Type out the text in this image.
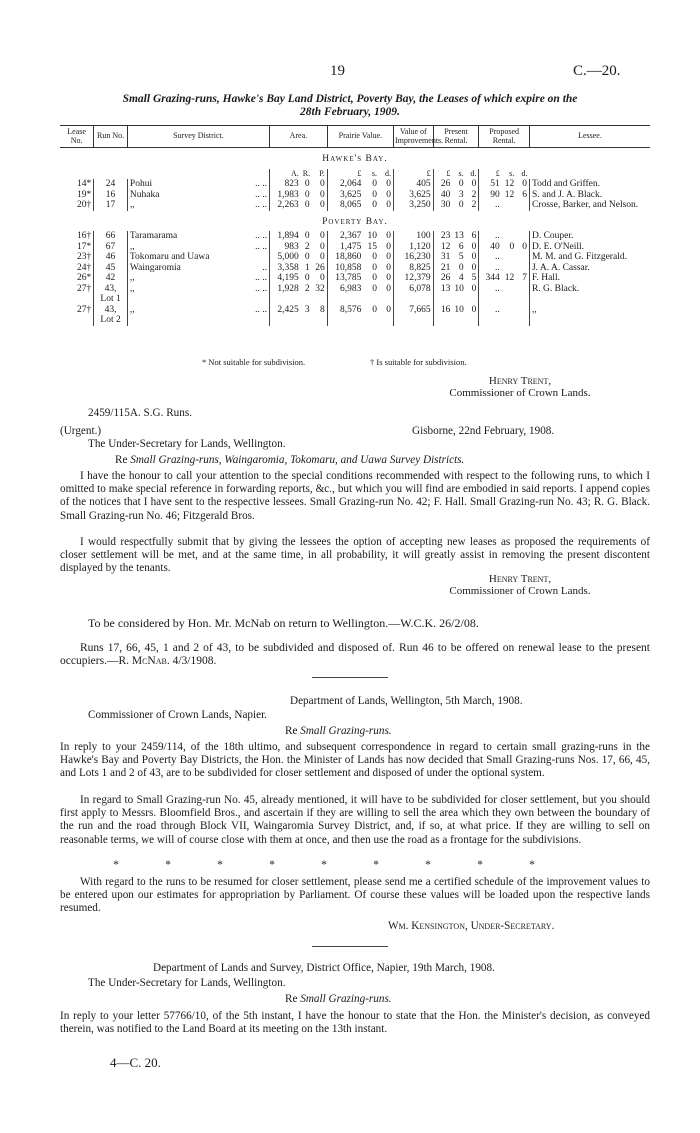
19	C.—20.
Small Grazing-runs, Hawke's Bay Land District, Poverty Bay, the Leases of which expire on the
28th February, 1909.
Lease No.	Run No.	Survey District.	Area.			Prairie Value.			Value of Improvements.	Present Rental.			Proposed Rental.			Lessee.
Hawke's Bay.																
			A.	R.	P.	£	s.	d.	£	£	s.	d.	£	s.	d.	
14*	24	Pohui .. ..	823	0	0	2,064	0	0	405	26	0	0	51	12	0	Todd and Griffen.
19*	16	Nuhaka .. ..	1,983	0	0	3,625	0	0	3,625	40	3	2	90	12	6	S. and J. A. Black.
20†	17	,, .. ..	2,263	0	0	8,065	0	0	3,250	30	0	2	..			Crosse, Barker, and Nelson.
Poverty Bay.																
16†	66	Taramarama .. ..	1,894	0	0	2,367	10	0	100	23	13	6	..			D. Couper.
17*	67	,, .. ..	983	2	0	1,475	15	0	1,120	12	6	0	40	0	0	D. E. O'Neill.
23†	46	Tokomaru and Uawa	5,000	0	0	18,860	0	0	16,230	31	5	0	..			M. M. and G. Fitzgerald.
24†	45	Waingaromia ..	3,358	1	26	10,858	0	0	8,825	21	0	0	..			J. A. A. Cassar.
26*	42	,, .. ..	4,195	0	0	13,785	0	0	12,379	26	4	5	344	12	7	F. Hall.
27†	43,	,, .. ..	1,928	2	32	6,983	0	0	6,078	13	10	0	..			R. G. Black.
	Lot 1	

27†	43,	,, .. ..	2,425	3	8	8,576	0	0	7,665	16	10	0	..			,,
	Lot 2	

* Not suitable for subdivision.	† Is suitable for subdivision.
Henry Trent,
Commissioner of Crown Lands.
2459/115A. S.G. Runs.
(Urgent.)	Gisborne, 22nd February, 1908.
The Under-Secretary for Lands, Wellington.
Re Small Grazing-runs, Waingaromia, Tokomaru, and Uawa Survey Districts.
I have the honour to call your attention to the special conditions recommended with respect to the following runs, to which I omitted to make special reference in forwarding reports, &c., but which you will find are embodied in said reports. I append copies of the notices that I have sent to the respective lessees. Small Grazing-run No. 42; F. Hall. Small Grazing-run No. 43; R. G. Black. Small Grazing-run No. 46; Fitzgerald Bros.
I would respectfully submit that by giving the lessees the option of accepting new leases as proposed the requirements of closer settlement will be met, and at the same time, in all probability, it will greatly assist in removing the present discontent displayed by the tenants.
Henry Trent,
Commissioner of Crown Lands.
To be considered by Hon. Mr. McNab on return to Wellington.—W.C.K. 26/2/08.
Runs 17, 66, 45, 1 and 2 of 43, to be subdivided and disposed of. Run 46 to be offered on renewal lease to the present occupiers.—R. McNab. 4/3/1908.
Department of Lands, Wellington, 5th March, 1908.
Commissioner of Crown Lands, Napier.
Re Small Grazing-runs.
In reply to your 2459/114, of the 18th ultimo, and subsequent correspondence in regard to certain small grazing-runs in the Hawke's Bay and Poverty Bay Districts, the Hon. the Minister of Lands has now decided that Small Grazing-runs Nos. 17, 66, 45, and Lots 1 and 2 of 43, are to be subdivided for closer settlement and disposed of under the optional system.
In regard to Small Grazing-run No. 45, already mentioned, it will have to be subdivided for closer settlement, but you should first apply to Messrs. Bloomfield Bros., and ascertain if they are willing to sell the area which they own between the boundary of the run and the road through Block VII, Waingaromia Survey District, and, if so, at what price. If they are willing to sell on reasonable terms, we will of course close with them at once, and then use the road as a frontage for the subdivisions.
*	*	*	*	*	*	*	*	*
With regard to the runs to be resumed for closer settlement, please send me a certified schedule of the improvement values to be entered upon our estimates for appropriation by Parliament. Of course these values will be loaded upon the respective lands resumed.
Wm. Kensington, Under-Secretary.
Department of Lands and Survey, District Office, Napier, 19th March, 1908.
The Under-Secretary for Lands, Wellington.
Re Small Grazing-runs.
In reply to your letter 57766/10, of the 5th instant, I have the honour to state that the Hon. the Minister's decision, as conveyed therein, was notified to the Land Board at its meeting on the 13th instant.
4—C. 20.
